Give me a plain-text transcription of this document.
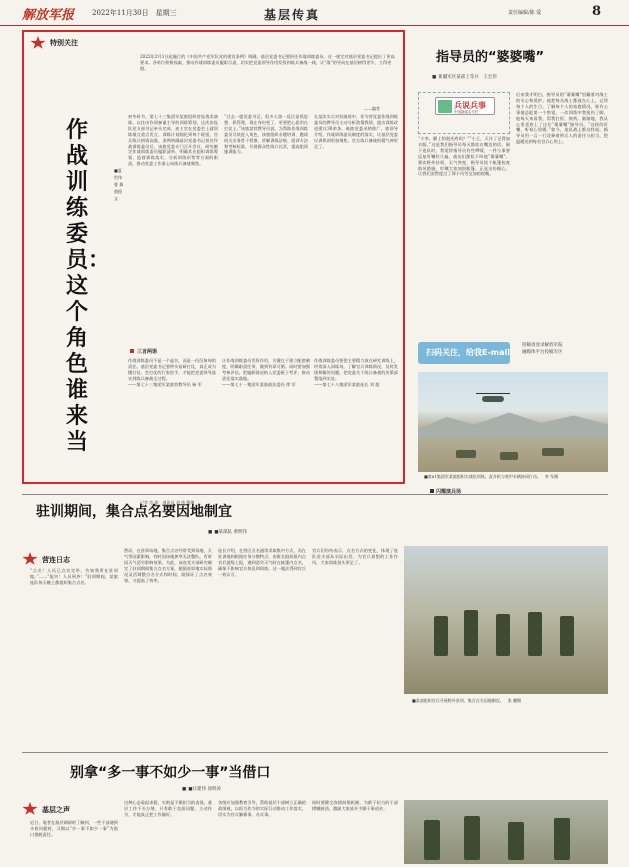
解放军报	2022年11月30日　星期三	基层传真	责任编辑/陈 爱	8
特别关注
2022年2月1日起施行的《中国共产党军队党的建设条例》明确，基层党委书记要担任作战训练委员。这一规定对基层党委书记提出了更高要求。各单位积极探索，推动作战训练委员履职尽责，切实把党委领导作用发挥到练兵备战一线，让“战”的导向在基层树得更牢、立得更稳。
——编者
作战训练委员：这个角色谁来当
■夏世伟 曹 雄 敖稳文
初冬时节，第七十三集团军某旅组织营连战术演练。以往由作训参谋主导的训练筹划，这次由连队党支部书记牵头完成。连主官在党委会上就训练难点重点发言，训练计划细化到每个班组，官兵练兵热情高涨。条例明确基层党委书记担任作战训练委员后，该旅党委专门召开会议，研究制定作战训练委员履职清单，明确其在组织训练筹划、监督训练落实、分析训练形势等方面的职责，推动党委工作重心向练兵备战聚焦。
“过去一提党委书记，很多人第一反应是抓思想、抓管理，现在身份变了，更要把心思用在打仗上。”该旅某营教导员说。为帮助作战训练委员尽快进入角色，该旅组织专题培训，邀请机关业务骨干授课，讲解训练法规、组训方法和考核标准，开展群众性练兵比武，提高组训施训能力。
在某次实兵对抗演练中，作为营党委作战训练委员的教导员主动分析敌情我情，提出训练改进建议30余条，被旅党委采纳推广。旅领导介绍，作战训练委员制度的落实，让基层党委议训抓训更加聚焦，官兵练兵备战的精气神更足了。
三言两语
作战训练委员不是一个虚名，而是一份沉甸甸的责任。基层党委书记要带头钻研打仗，真正成为懂打仗、会打仗的行家里手，才能把党委领导落实到练兵备战全过程。
——第七十三集团军某旅营教导员 杨 军
让作战训练委员发挥作用，关键在于建立配套制度，明确职责任务，做到有章可循。同时要加强考核评估，把履职情况纳入党委班子考评，推动责任落实落地。
——第七十一集团军某旅政治委员 徐 军
作战训练委员要把主要精力放在研究训练上，经常深入训练场，了解官兵训练情况，及时发现和解决问题，把党委关于练兵备战的决策部署落到实处。
——第七十八集团军某旅连长 刘 超
记者 范 俊　通讯员 刘 伟 整理
指导员的“婆婆嘴”
■ 新疆军区某部上等兵　王宏伟
兵说兵事
中国新闻名专栏
“小李，脚上的泡还疼吗？”“小王，天冷了记得加衣服。”这是我们指导员每天都挂在嘴边的话。刚下连队时，我觉得指导员有些啰嗦，一件小事要反复叮嘱好几遍，战友们都私下叫他“婆婆嘴”。那次野外驻训，天气突变，指导员挨个帐篷检查防风措施，叮嘱大家加固帐篷，正是这份细心，让我们安然度过了那个风雪交加的夜晚。
后来我才明白，指导员的“婆婆嘴”里藏着对战士的关心和爱护。他把每名战士都放在心上，记得每个人的生日，了解每个人的家庭情况，谁有心事他总能第一个察觉。一次训练中我扭伤了脚，他每天来看我，帮我打饭、换药。渐渐地，我从心里喜欢上了这位“婆婆嘴”指导员。“这样的叮嘱，听着心里暖。”如今，连队战士都这样说。指导员用一言一行诠释着带兵人的责任与担当，把温暖送到每名官兵心坎上。
扫码关注，给我E-mail
投稿请登录解放军报
融媒体平台投稿专区
■第81集团军某旅组织实战化训练，直升机与装甲车辆协同行动。　李 军摄
闪耀演兵场
驻训期间，集合点名要因地制宜
■ ■某部队 黄明伟
营连日志
“点名！人员已点名完毕，告知我所在驻训地。”……“报告！人员到齐！”驻训期间，某旅连队每天晚上都组织集合点名。
然而，在驻训场地，集合点名经常受到场地、天气等因素影响，有时因场地狭窄无法整队，有时因天气恶劣影响效果。为此，该连党支部研究制定了驻训期间集合点名方案，根据驻训地实际情况灵活调整点名方式和时间，既保证了点名效果，又提高了效率。
连长介绍，在营区点名通常采取集中方式，而在驻训地则根据任务分散特点，由班长组织班内点名后逐级上报，遇到恶劣天气时在帐篷内点名，确保不影响官兵休息和训练。这一做法得到官兵一致认可。
官兵们纷纷表示，点名方式的变化，体现了连队党支部从实际出发、为官兵着想的工作作风，大家训练劲头更足了。
■某部组织官兵开展野外驻训，集合点名因地制宜。　张 鹏摄
别拿“多一事不如少一事”当借口
■ ■汪建伟 徐明涛
基层之声
近日，笔者在基层调研时了解到，一些干部遇到矛盾问题时，习惯以“多一事不如少一事”为借口推脱责任。
这种心态看似求稳，实则是不敢担当的表现。基层工作千头万绪，只有敢于直面问题、主动作为，才能真正把工作做好。
各级应加强教育引导，帮助基层干部树立正确的政绩观，以担当作为的实际行动推动工作落实，切实为官兵解难事、办实事。
同时要健全容错纠错机制，为敢于担当的干部撑腰鼓劲，激励大家放开手脚干事创业。
